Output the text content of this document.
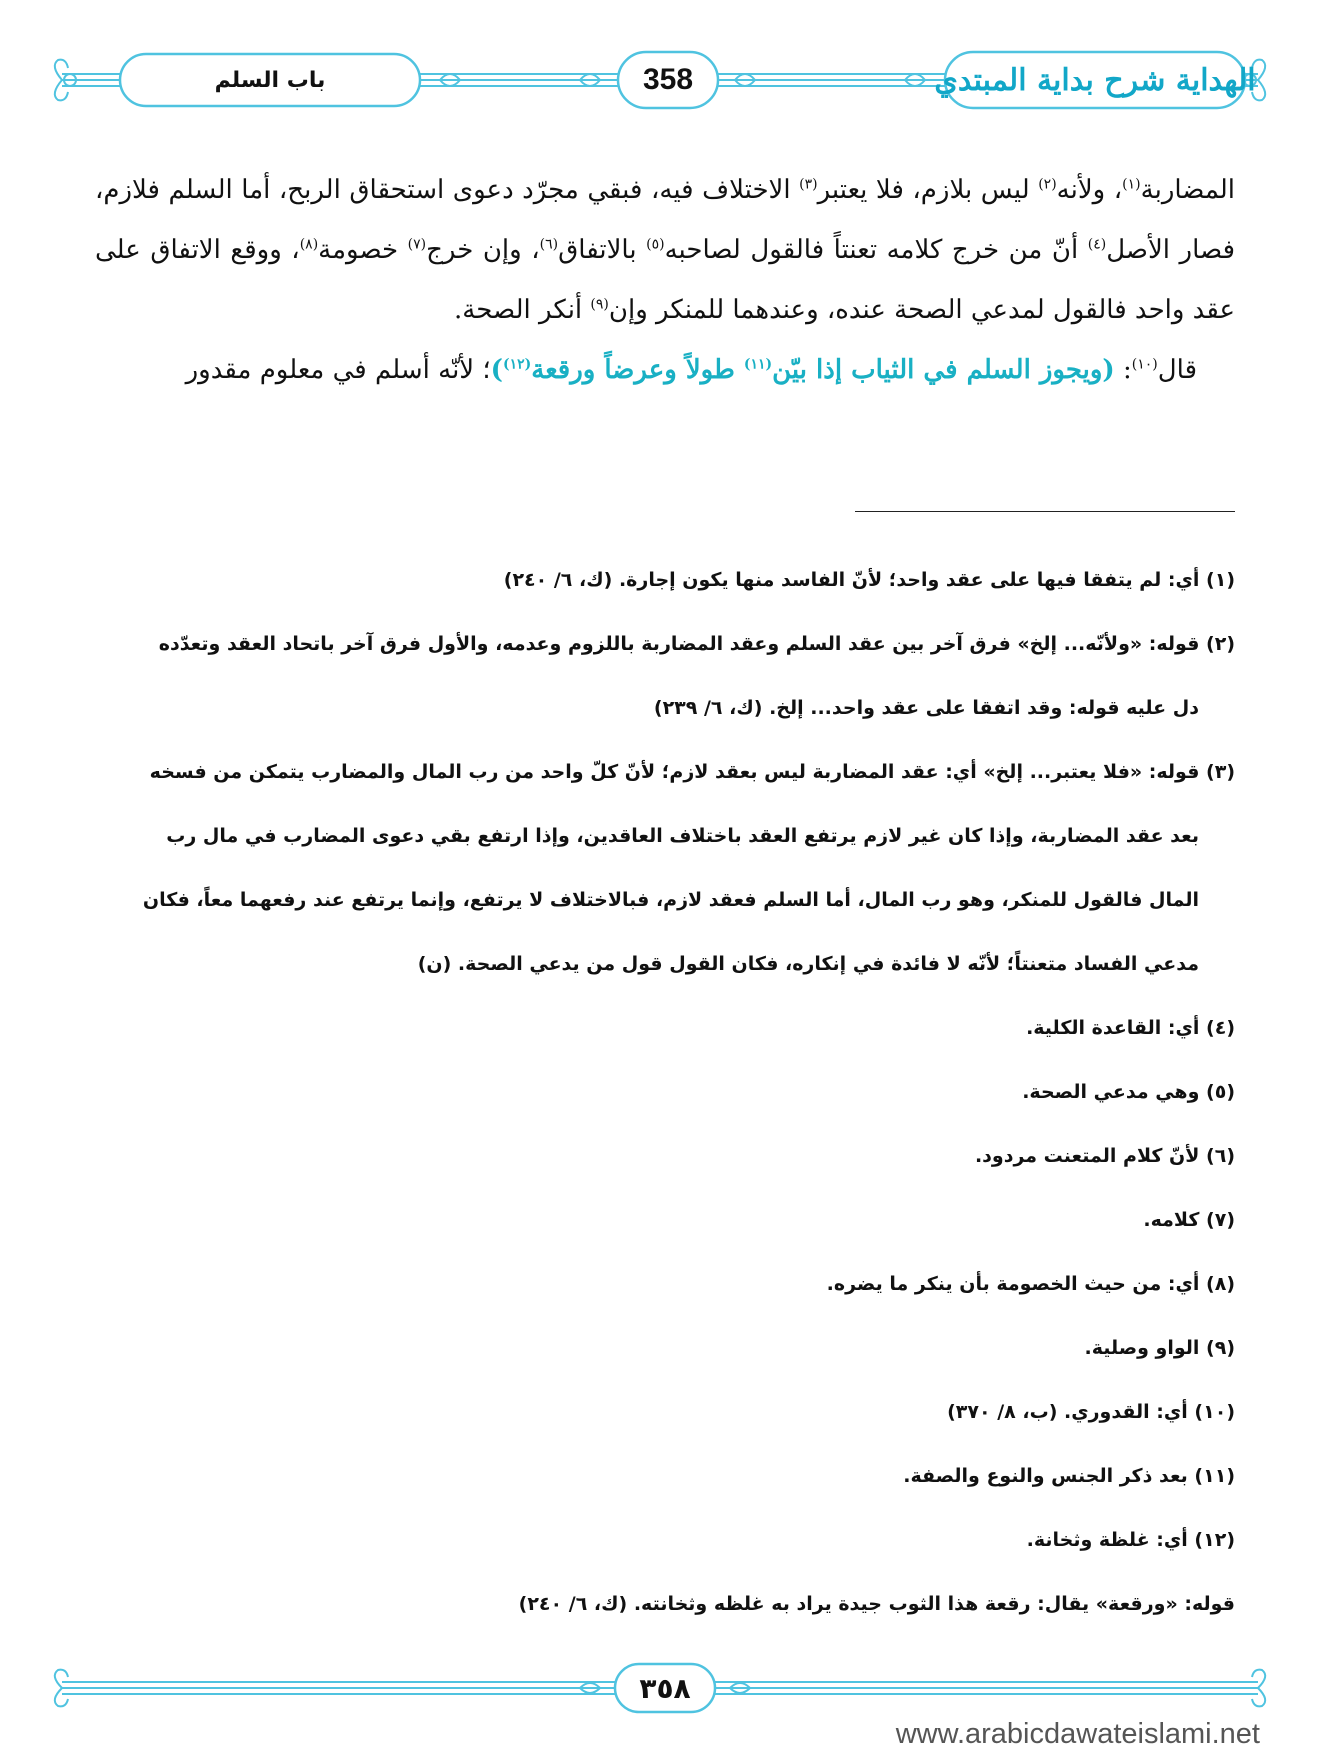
الهداية شرح بداية المبتدي
358
باب السلم

المضاربة$^{(١)}$، ولأنه$^{(٢)}$ ليس بلازم، فلا يعتبر$^{(٣)}$ الاختلاف فيه، فبقي مجرّد دعوى استحقاق الربح، أما السلم فلازم، فصار الأصل$^{(٤)}$ أنّ من خرج كلامه تعنتاً فالقول لصاحبه$^{(٥)}$ بالاتفاق$^{(٦)}$، وإن خرج$^{(٧)}$ خصومة$^{(٨)}$، ووقع الاتفاق على عقد واحد فالقول لمدعي الصحة عنده، وعندهما للمنكر وإن$^{(٩)}$ أنكر الصحة.

قال$^{(١٠)}$: (ويجوز السلم في الثياب إذا بيّن$^{(١١)}$ طولاً وعرضاً ورقعة$^{(١٢)}$)؛ لأنّه أسلم في معلوم مقدور

(١) أي: لم يتفقا فيها على عقد واحد؛ لأنّ الفاسد منها يكون إجارة. (ك، ٦/ ٢٤٠)
(٢) قوله: «ولأنّه... إلخ» فرق آخر بين عقد السلم وعقد المضاربة باللزوم وعدمه، والأول فرق آخر باتحاد العقد وتعدّده
دل عليه قوله: وقد اتفقا على عقد واحد... إلخ. (ك، ٦/ ٢٣٩)
(٣) قوله: «فلا يعتبر... إلخ» أي: عقد المضاربة ليس بعقد لازم؛ لأنّ كلّ واحد من رب المال والمضارب يتمكن من فسخه
بعد عقد المضاربة، وإذا كان غير لازم يرتفع العقد باختلاف العاقدين، وإذا ارتفع بقي دعوى المضارب في مال رب
المال فالقول للمنكر، وهو رب المال، أما السلم فعقد لازم، فبالاختلاف لا يرتفع، وإنما يرتفع عند رفعهما معاً، فكان
مدعي الفساد متعنتاً؛ لأنّه لا فائدة في إنكاره، فكان القول قول من يدعي الصحة. (ن)
(٤) أي: القاعدة الكلية.
(٥) وهي مدعي الصحة.
(٦) لأنّ كلام المتعنت مردود.
(٧) كلامه.
(٨) أي: من حيث الخصومة بأن ينكر ما يضره.
(٩) الواو وصلية.
(١٠) أي: القدوري. (ب، ٨/ ٣٧٠)
(١١) بعد ذكر الجنس والنوع والصفة.
(١٢) أي: غلظة وثخانة.
قوله: «ورقعة» يقال: رقعة هذا الثوب جيدة يراد به غلظه وثخانته. (ك، ٦/ ٢٤٠)
٣٥٨
www.arabicdawateislami.net
